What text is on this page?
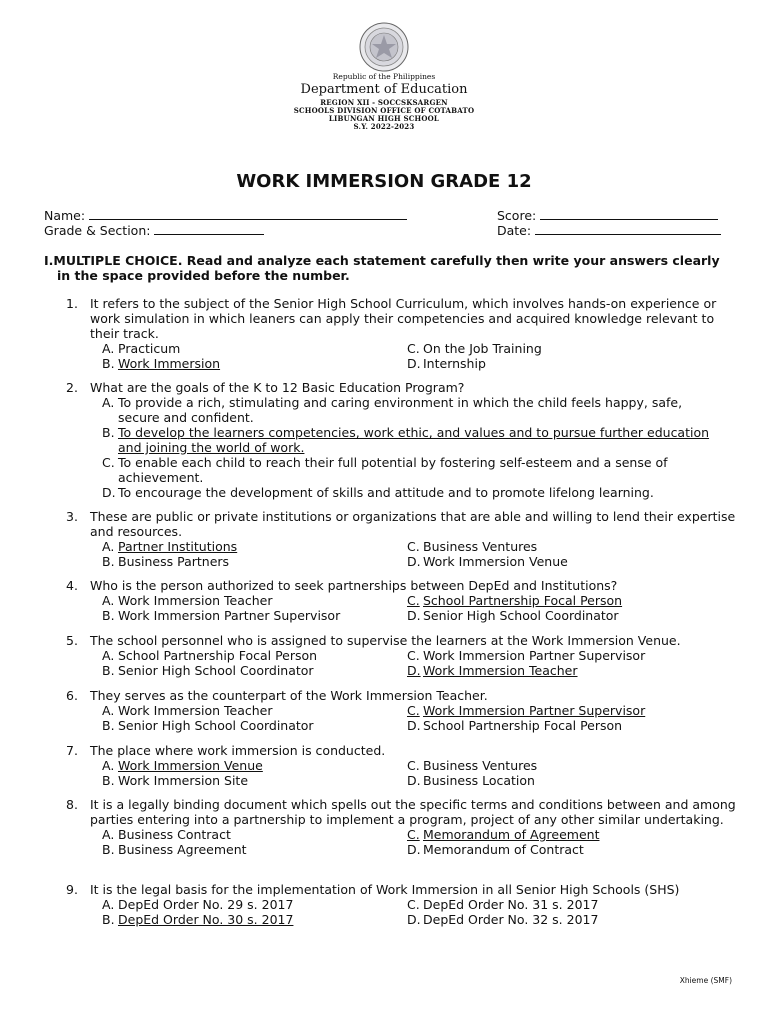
Republic of the Philippines
Department of Education
REGION XII - SOCCSKSARGEN
SCHOOLS DIVISION OFFICE OF COTABATO
LIBUNGAN HIGH SCHOOL
S.Y. 2022-2023
WORK IMMERSION GRADE 12
Name:
Grade & Section:
Score:
Date:
I.MULTIPLE CHOICE. Read and analyze each statement carefully then write your answers clearly
in the space provided before the number.
1. It refers to the subject of the Senior High School Curriculum, which involves hands-on experience or work simulation in which leaners can apply their competencies and acquired knowledge relevant to their track.
A. Practicum	C. On the Job Training
B. Work Immersion	D. Internship
2. What are the goals of the K to 12 Basic Education Program?
A. To provide a rich, stimulating and caring environment in which the child feels happy, safe, secure and confident.
B. To develop the learners competencies, work ethic, and values and to pursue further education and joining the world of work.
C. To enable each child to reach their full potential by fostering self-esteem and a sense of achievement.
D. To encourage the development of skills and attitude and to promote lifelong learning.
3. These are public or private institutions or organizations that are able and willing to lend their expertise and resources.
A. Partner Institutions	C. Business Ventures
B. Business Partners	D. Work Immersion Venue
4. Who is the person authorized to seek partnerships between DepEd and Institutions?
A. Work Immersion Teacher	C. School Partnership Focal Person
B. Work Immersion Partner Supervisor	D. Senior High School Coordinator
5. The school personnel who is assigned to supervise the learners at the Work Immersion Venue.
A. School Partnership Focal Person	C. Work Immersion Partner Supervisor
B. Senior High School Coordinator	D. Work Immersion Teacher
6. They serves as the counterpart of the Work Immersion Teacher.
A. Work Immersion Teacher	C. Work Immersion Partner Supervisor
B. Senior High School Coordinator	D. School Partnership Focal Person
7. The place where work immersion is conducted.
A. Work Immersion Venue	C. Business Ventures
B. Work Immersion Site	D. Business Location
8. It is a legally binding document which spells out the specific terms and conditions between and among parties entering into a partnership to implement a program, project of any other similar undertaking.
A. Business Contract	C. Memorandum of Agreement
B. Business Agreement	D. Memorandum of Contract
9. It is the legal basis for the implementation of Work Immersion in all Senior High Schools (SHS)
A. DepEd Order No. 29 s. 2017	C. DepEd Order No. 31 s. 2017
B. DepEd Order No. 30 s. 2017	D. DepEd Order No. 32 s. 2017
Xhieme (SMF)
